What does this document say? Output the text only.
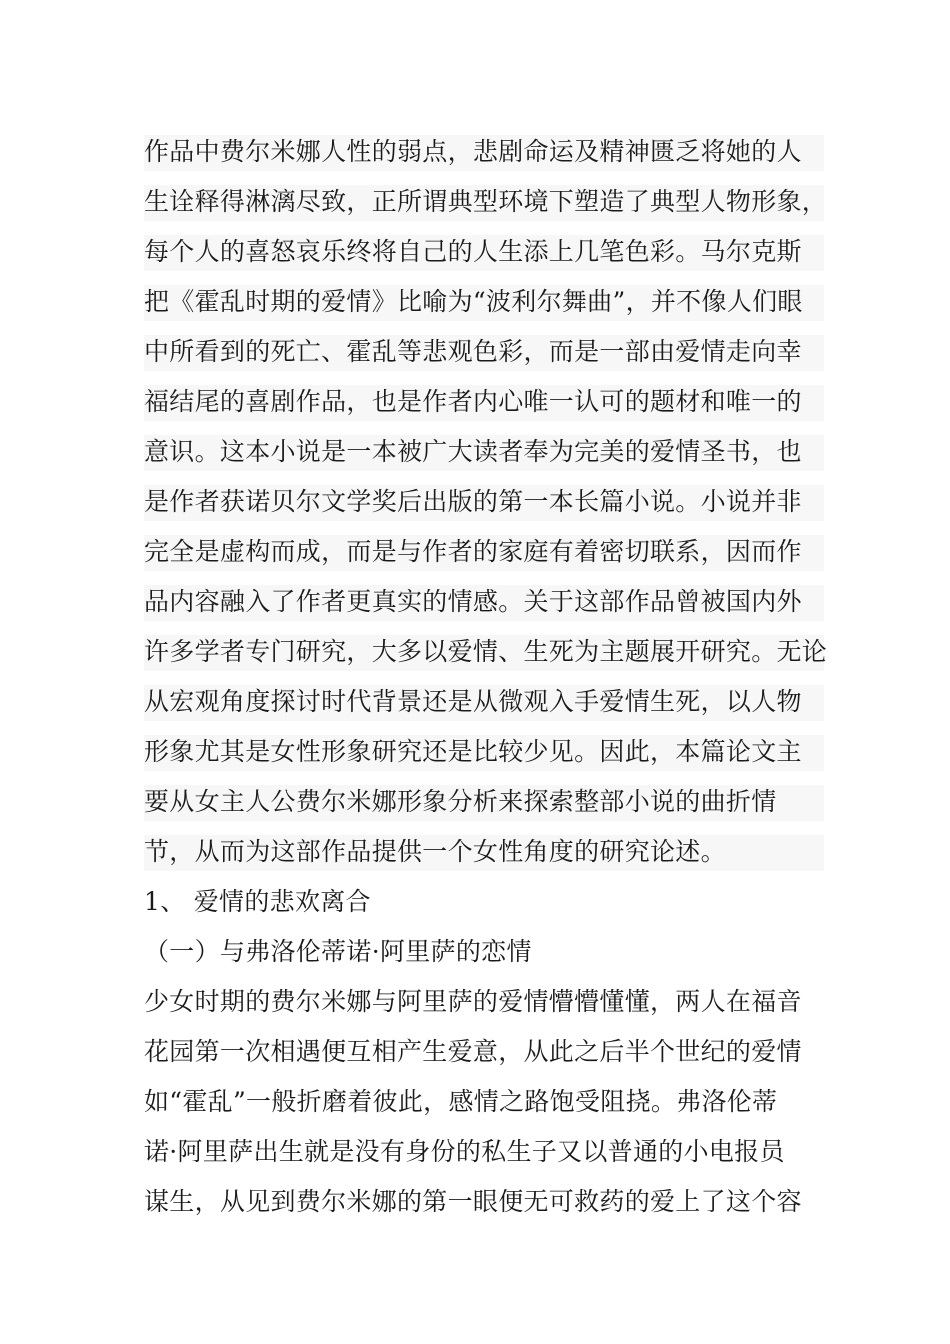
作品中费尔米娜人性的弱点，悲剧命运及精神匮乏将她的人
生诠释得淋漓尽致，正所谓典型环境下塑造了典型人物形象，
每个人的喜怒哀乐终将自己的人生添上几笔色彩。马尔克斯
把《霍乱时期的爱情》比喻为“波利尔舞曲”，并不像人们眼
中所看到的死亡、霍乱等悲观色彩，而是一部由爱情走向幸
福结尾的喜剧作品，也是作者内心唯一认可的题材和唯一的
意识。这本小说是一本被广大读者奉为完美的爱情圣书，也
是作者获诺贝尔文学奖后出版的第一本长篇小说。小说并非
完全是虚构而成，而是与作者的家庭有着密切联系，因而作
品内容融入了作者更真实的情感。关于这部作品曾被国内外
许多学者专门研究，大多以爱情、生死为主题展开研究。无论
从宏观角度探讨时代背景还是从微观入手爱情生死，以人物
形象尤其是女性形象研究还是比较少见。因此，本篇论文主
要从女主人公费尔米娜形象分析来探索整部小说的曲折情
节，从而为这部作品提供一个女性角度的研究论述。
1、 爱情的悲欢离合
（一）与弗洛伦蒂诺·阿里萨的恋情
少女时期的费尔米娜与阿里萨的爱情懵懵懂懂，两人在福音
花园第一次相遇便互相产生爱意，从此之后半个世纪的爱情
如“霍乱”一般折磨着彼此，感情之路饱受阻挠。弗洛伦蒂
诺·阿里萨出生就是没有身份的私生子又以普通的小电报员
谋生，从见到费尔米娜的第一眼便无可救药的爱上了这个容
